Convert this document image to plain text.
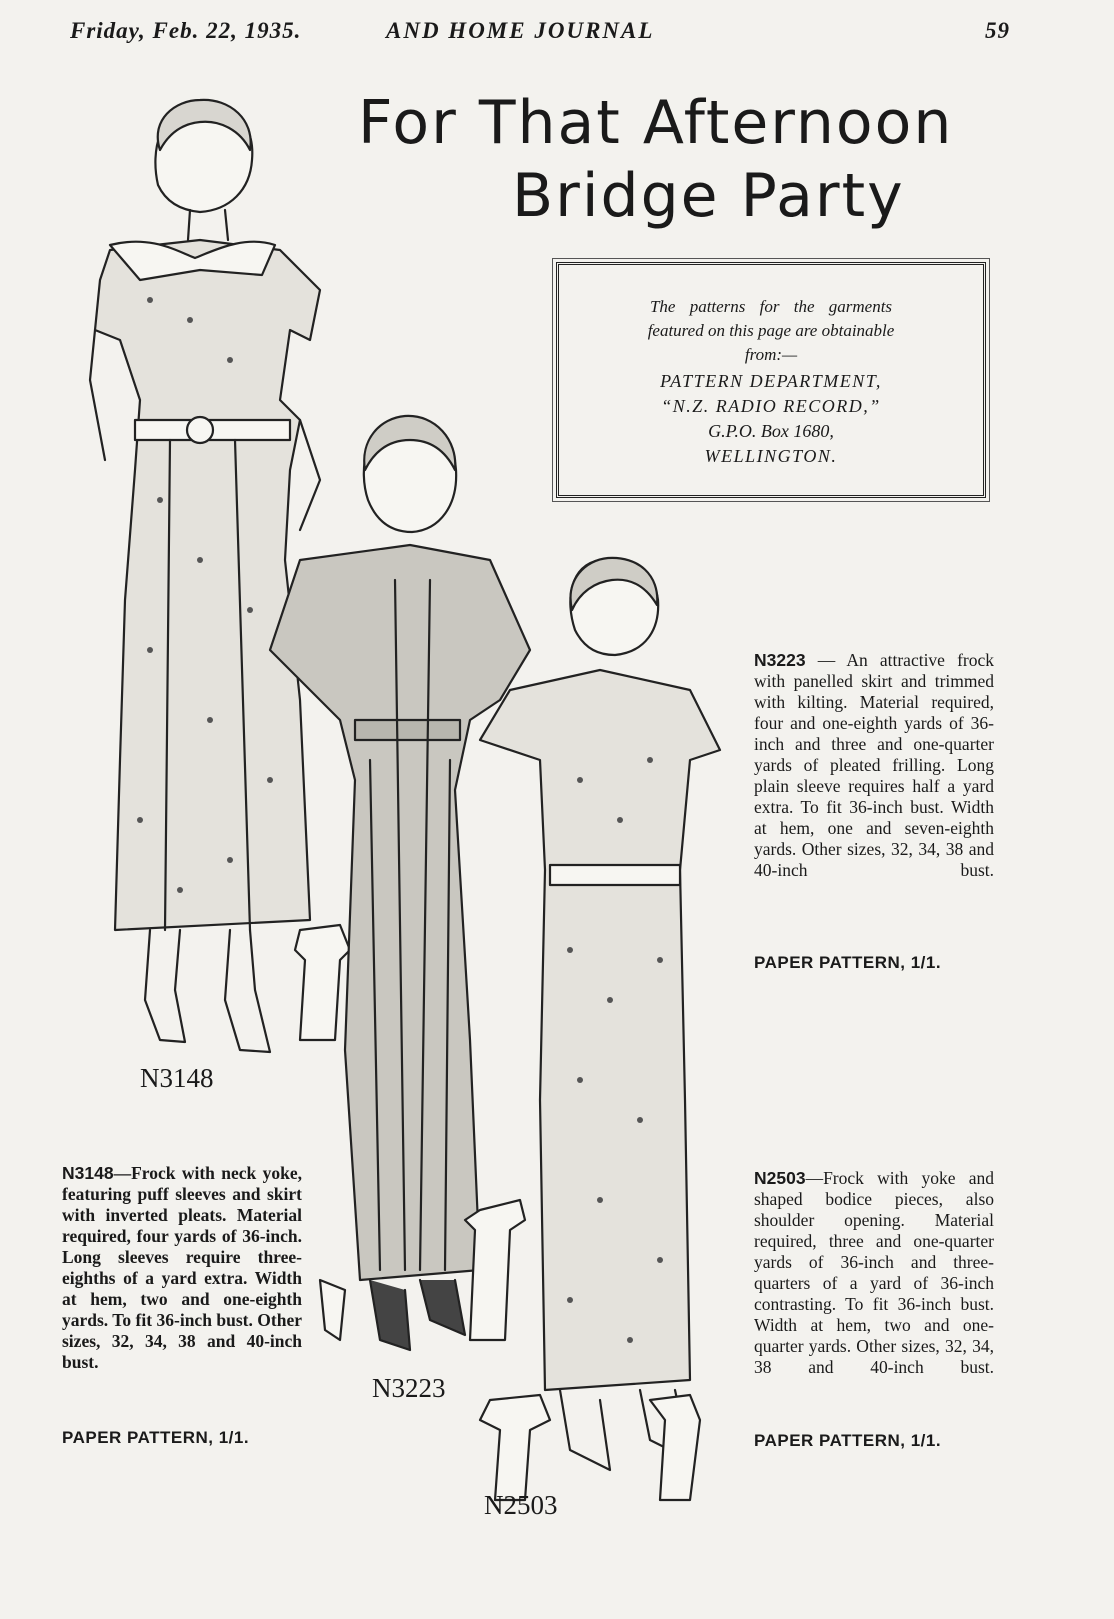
Friday, Feb. 22, 1935.	AND HOME JOURNAL	59
For That Afternoon
Bridge Party
The patterns for the garments
featured on this page are obtainable
from:—
PATTERN DEPARTMENT,
“N.Z. RADIO RECORD,”
G.P.O. Box 1680,
WELLINGTON.
N3148
N3223
N2503
N3223 — An attractive frock with panelled skirt and trimmed with kilting. Material required, four and one-eighth yards of 36-inch and three and one-quarter yards of pleated frilling. Long plain sleeve requires half a yard extra. To fit 36-inch bust. Width at hem, one and seven-eighth yards. Other sizes, 32, 34, 38 and 40-inch bust.
PAPER PATTERN, 1/1.
N3148—Frock with neck yoke, featuring puff sleeves and skirt with inverted pleats. Material required, four yards of 36-inch. Long sleeves require three-eighths of a yard extra. Width at hem, two and one-eighth yards. To fit 36-inch bust. Other sizes, 32, 34, 38 and 40-inch bust.
PAPER PATTERN, 1/1.
N2503—Frock with yoke and shaped bodice pieces, also shoulder opening. Material required, three and one-quarter yards of 36-inch and three-quarters of a yard of 36-inch contrasting. To fit 36-inch bust. Width at hem, two and one-quarter yards. Other sizes, 32, 34, 38 and 40-inch bust.
PAPER PATTERN, 1/1.
